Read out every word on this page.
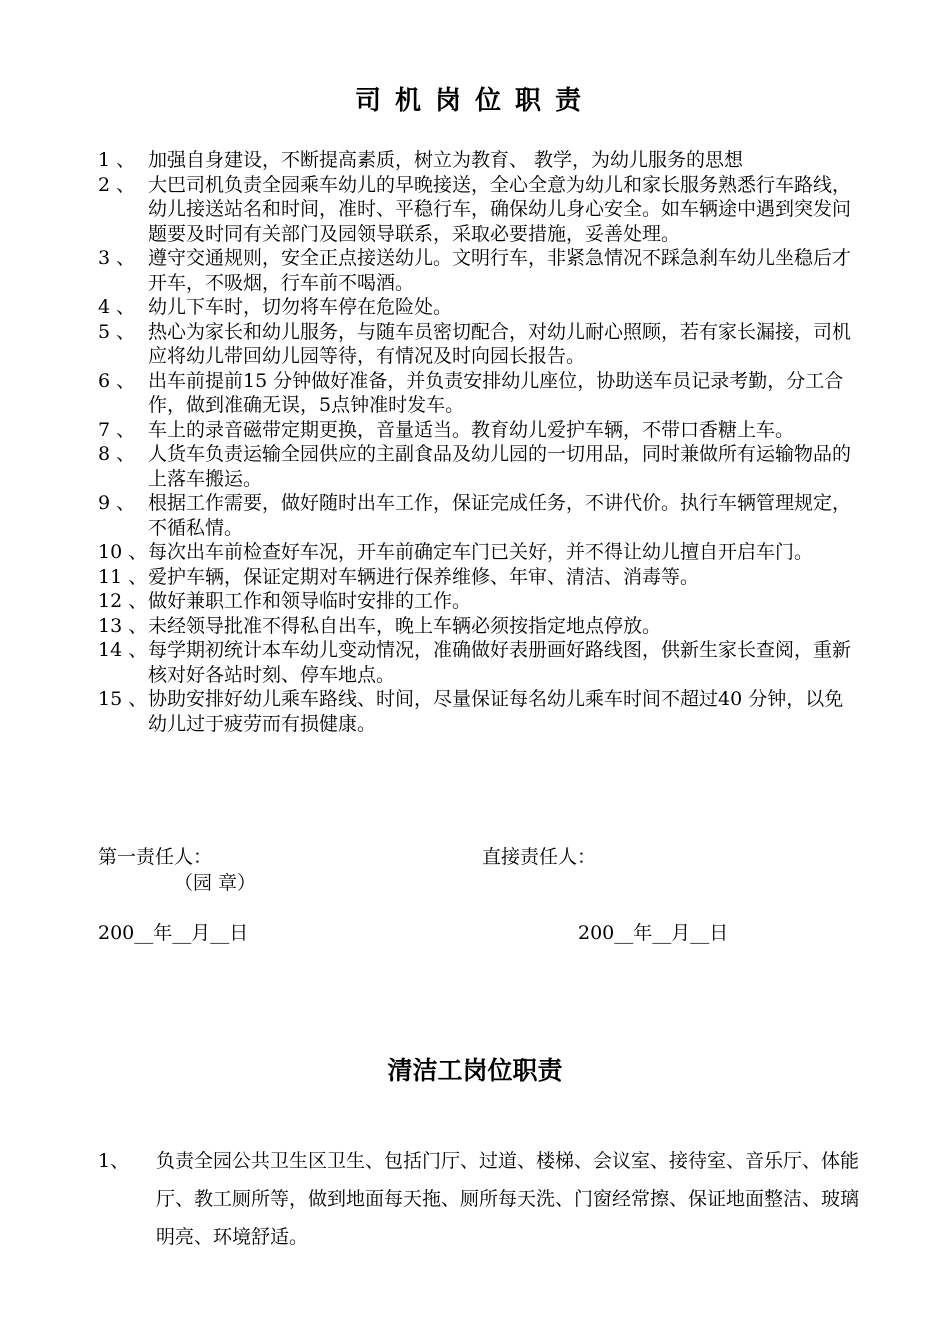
司机岗位职责
1 、 加强自身建设，不断提高素质，树立为教育、 教学，为幼儿服务的思想
2 、 大巴司机负责全园乘车幼儿的早晚接送，全心全意为幼儿和家长服务熟悉行车路线，幼儿接送站名和时间，准时、平稳行车，确保幼儿身心安全。如车辆途中遇到突发问题要及时同有关部门及园领导联系，采取必要措施，妥善处理。
3 、 遵守交通规则，安全正点接送幼儿。文明行车，非紧急情况不踩急刹车幼儿坐稳后才开车，不吸烟，行车前不喝酒。
4 、 幼儿下车时，切勿将车停在危险处。
5 、 热心为家长和幼儿服务，与随车员密切配合，对幼儿耐心照顾，若有家长漏接，司机应将幼儿带回幼儿园等待，有情况及时向园长报告。
6 、 出车前提前15 分钟做好准备，并负责安排幼儿座位，协助送车员记录考勤，分工合作，做到准确无误，5点钟准时发车。
7 、 车上的录音磁带定期更换，音量适当。教育幼儿爱护车辆，不带口香糖上车。
8 、 人货车负责运输全园供应的主副食品及幼儿园的一切用品，同时兼做所有运输物品的上落车搬运。
9 、 根据工作需要，做好随时出车工作，保证完成任务，不讲代价。执行车辆管理规定，不循私情。
10 、 每次出车前检查好车况，开车前确定车门已关好，并不得让幼儿擅自开启车门。
11 、 爱护车辆，保证定期对车辆进行保养维修、年审、清洁、消毒等。
12 、 做好兼职工作和领导临时安排的工作。
13 、 未经领导批准不得私自出车，晚上车辆必须按指定地点停放。
14 、 每学期初统计本车幼儿变动情况，准确做好表册画好路线图，供新生家长查阅，重新核对好各站时刻、停车地点。
15 、 协助安排好幼儿乘车路线、时间，尽量保证每名幼儿乘车时间不超过40 分钟，以免幼儿过于疲劳而有损健康。
第一责任人：
（园 章）
直接责任人：
200__年__月__日	200__年__月__日
清洁工岗位职责
1、	负责全园公共卫生区卫生、包括门厅、过道、楼梯、会议室、接待室、音乐厅、体能厅、教工厕所等，做到地面每天拖、厕所每天洗、门窗经常擦、保证地面整洁、玻璃明亮、环境舒适。
